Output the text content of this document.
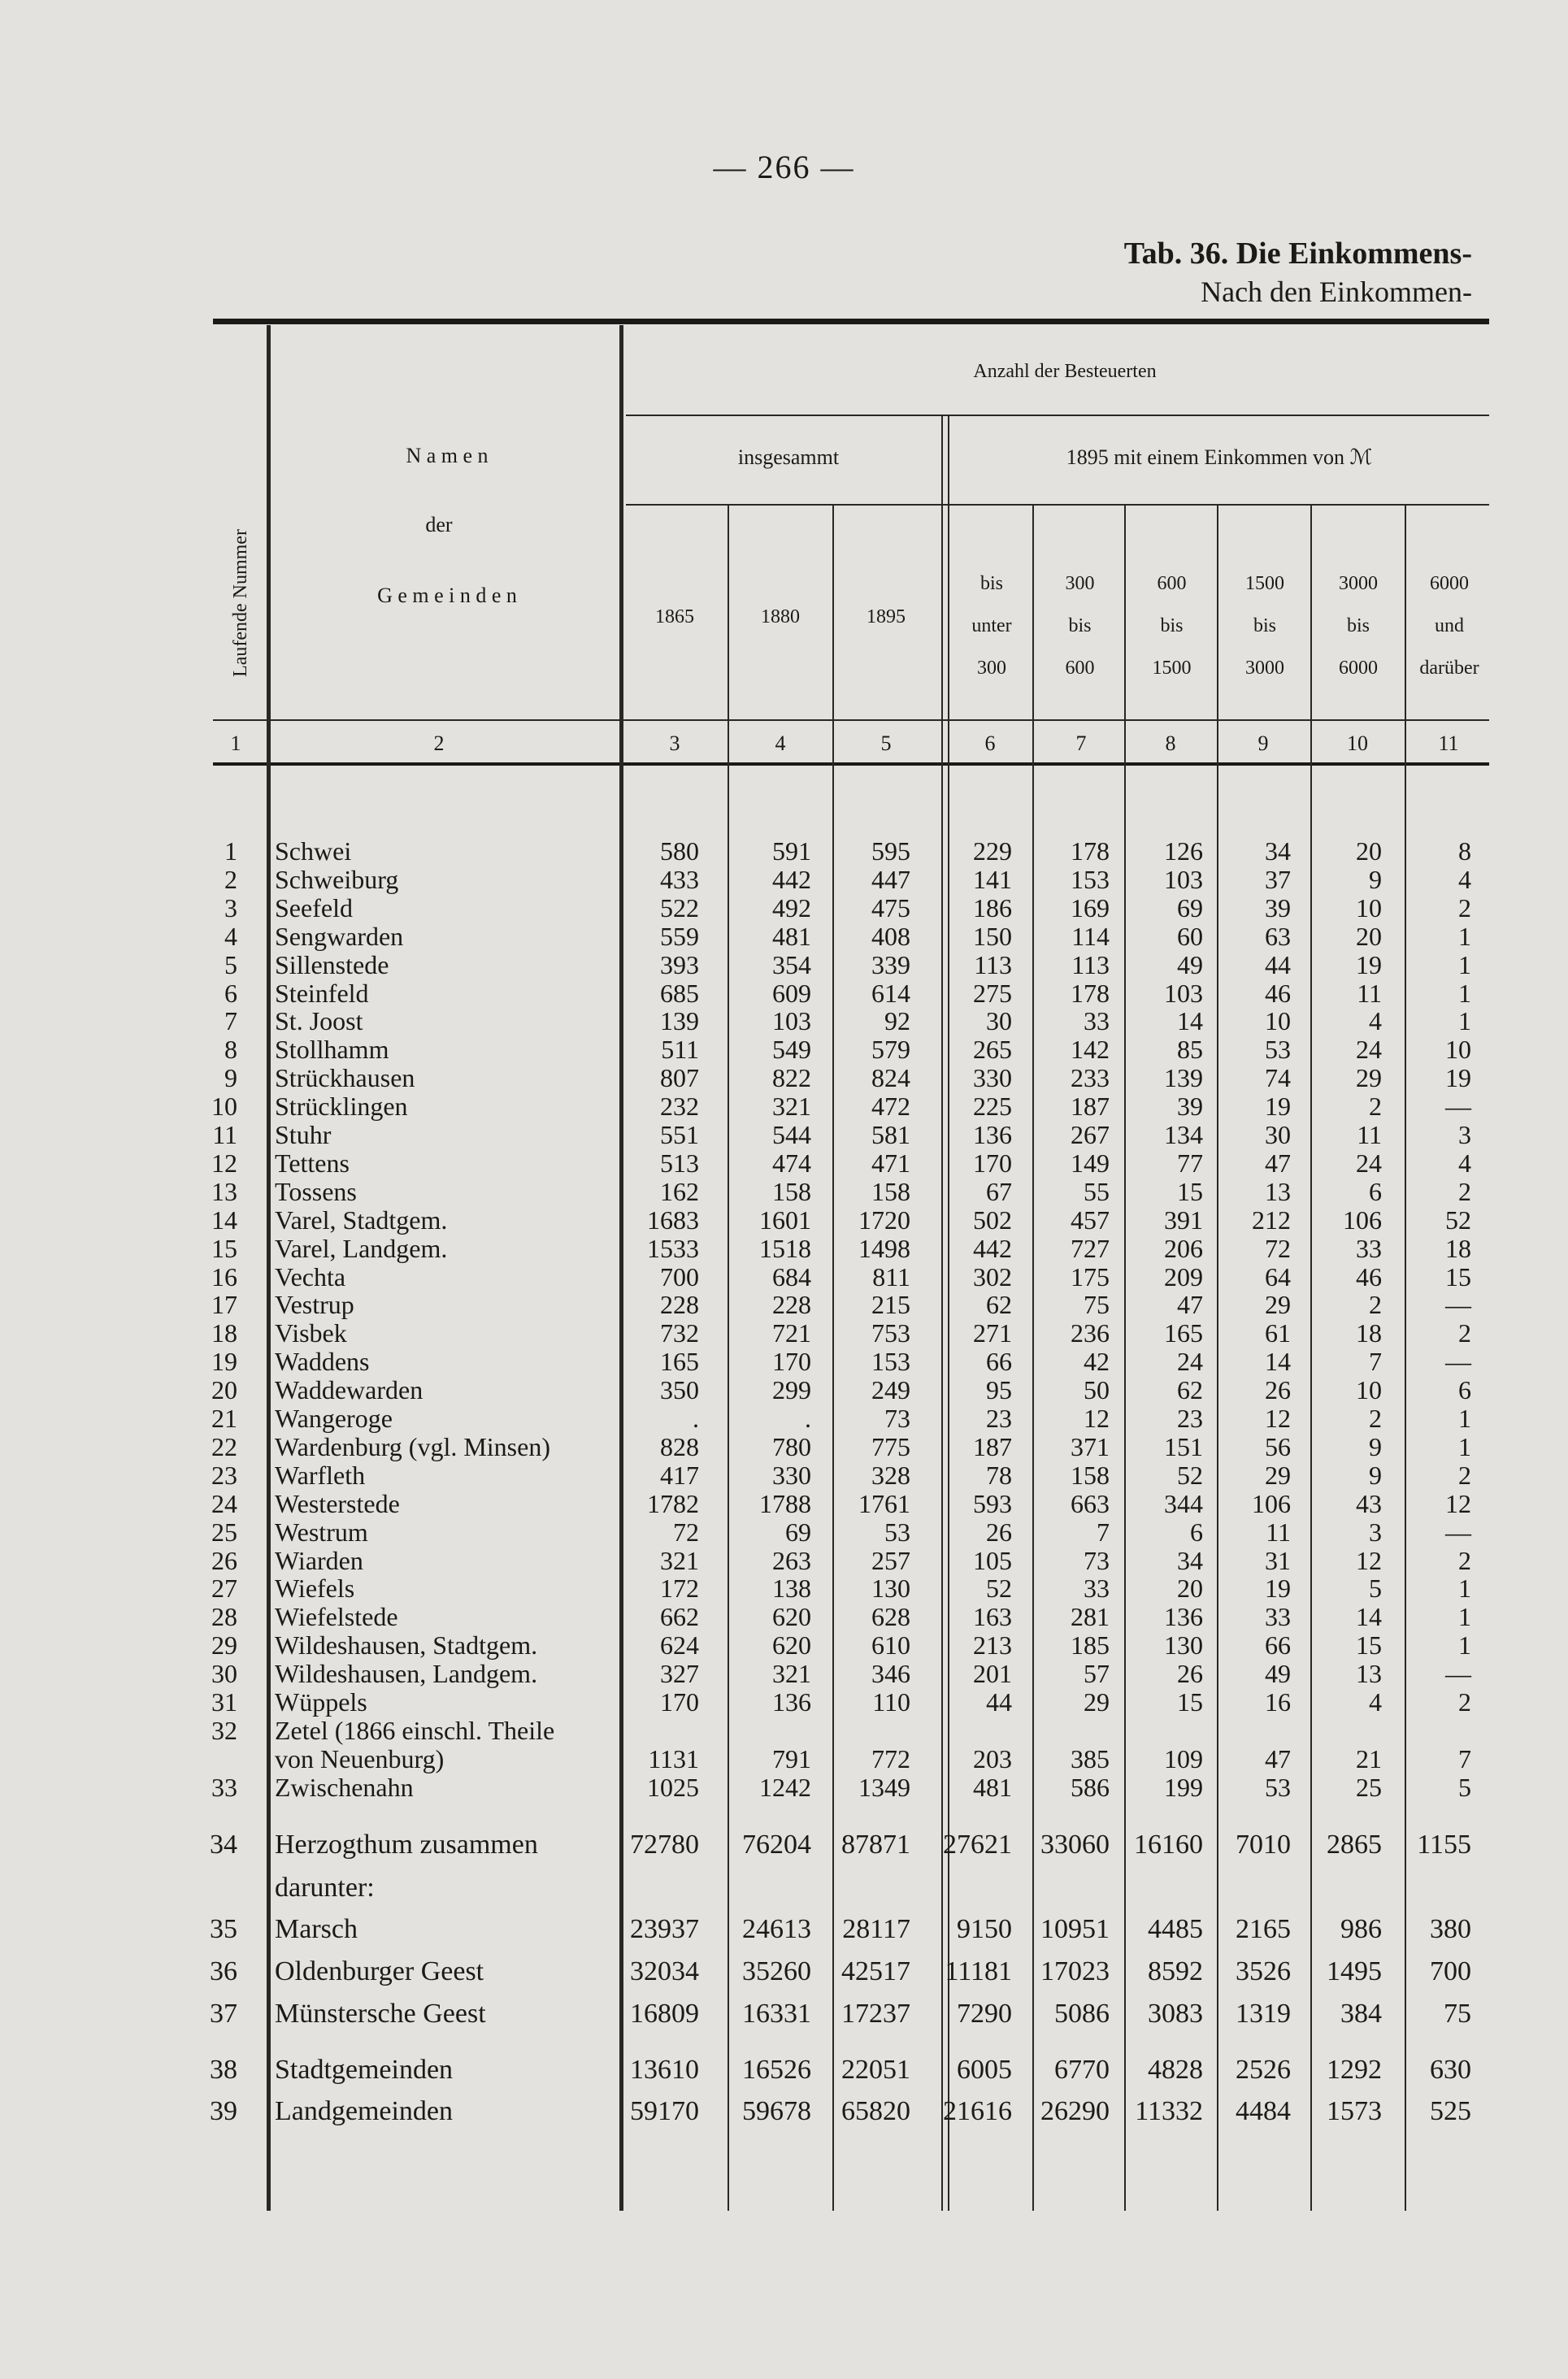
— 266 —
Tab. 36. Die Einkommens-
Nach den Einkommen-
Laufende Nummer
N a m e n
der
G e m e i n d e n
Anzahl der Besteuerten
insgesammt	1895 mit einem Einkommen von ℳ
1865	1880	1895
bis
unter
300
300
bis
600
600
bis
1500
1500
bis
3000
3000
bis
6000
6000
und
darüber
1	2	3	4	5	6	7	8	9	10	11
1 Schwei	580	591	595	229	178	126	34	20	8
2 Schweiburg	433	442	447	141	153	103	37	9	4
3 Seefeld	522	492	475	186	169	69	39	10	2
4 Sengwarden	559	481	408	150	114	60	63	20	1
5 Sillenstede	393	354	339	113	113	49	44	19	1
6 Steinfeld	685	609	614	275	178	103	46	11	1
7 St. Joost	139	103	92	30	33	14	10	4	1
8 Stollhamm	511	549	579	265	142	85	53	24	10
9 Strückhausen	807	822	824	330	233	139	74	29	19
10 Strücklingen	232	321	472	225	187	39	19	2	—
11 Stuhr	551	544	581	136	267	134	30	11	3
12 Tettens	513	474	471	170	149	77	47	24	4
13 Tossens	162	158	158	67	55	15	13	6	2
14 Varel, Stadtgem.	1683	1601	1720	502	457	391	212	106	52
15 Varel, Landgem.	1533	1518	1498	442	727	206	72	33	18
16 Vechta	700	684	811	302	175	209	64	46	15
17 Vestrup	228	228	215	62	75	47	29	2	—
18 Visbek	732	721	753	271	236	165	61	18	2
19 Waddens	165	170	153	66	42	24	14	7	—
20 Waddewarden	350	299	249	95	50	62	26	10	6
21 Wangeroge	.	.	73	23	12	23	12	2	1
22 Wardenburg (vgl. Minsen)	828	780	775	187	371	151	56	9	1
23 Warfleth	417	330	328	78	158	52	29	9	2
24 Westerstede	1782	1788	1761	593	663	344	106	43	12
25 Westrum	72	69	53	26	7	6	11	3	—
26 Wiarden	321	263	257	105	73	34	31	12	2
27 Wiefels	172	138	130	52	33	20	19	5	1
28 Wiefelstede	662	620	628	163	281	136	33	14	1
29 Wildeshausen, Stadtgem.	624	620	610	213	185	130	66	15	1
30 Wildeshausen, Landgem.	327	321	346	201	57	26	49	13	—
31 Wüppels	170	136	110	44	29	15	16	4	2
32 Zetel (1866 einschl. Theile
von Neuenburg)	1131	791	772	203	385	109	47	21	7
33 Zwischenahn	1025	1242	1349	481	586	199	53	25	5
34 Herzogthum zusammen	72780	76204	87871	27621	33060 16160	7010	2865	1155
darunter:
35 Marsch	23937	24613	28117	9150	10951	4485	2165	986	380
36 Oldenburger Geest	32034	35260	42517	11181	17023	8592	3526	1495	700
37 Münstersche Geest	16809	16331	17237	7290	5086	3083	1319	384	75
38 Stadtgemeinden	13610	16526	22051	6005	6770	4828	2526	1292	630
39 Landgemeinden	59170	59678	65820	21616	26290 11332	4484	1573	525
